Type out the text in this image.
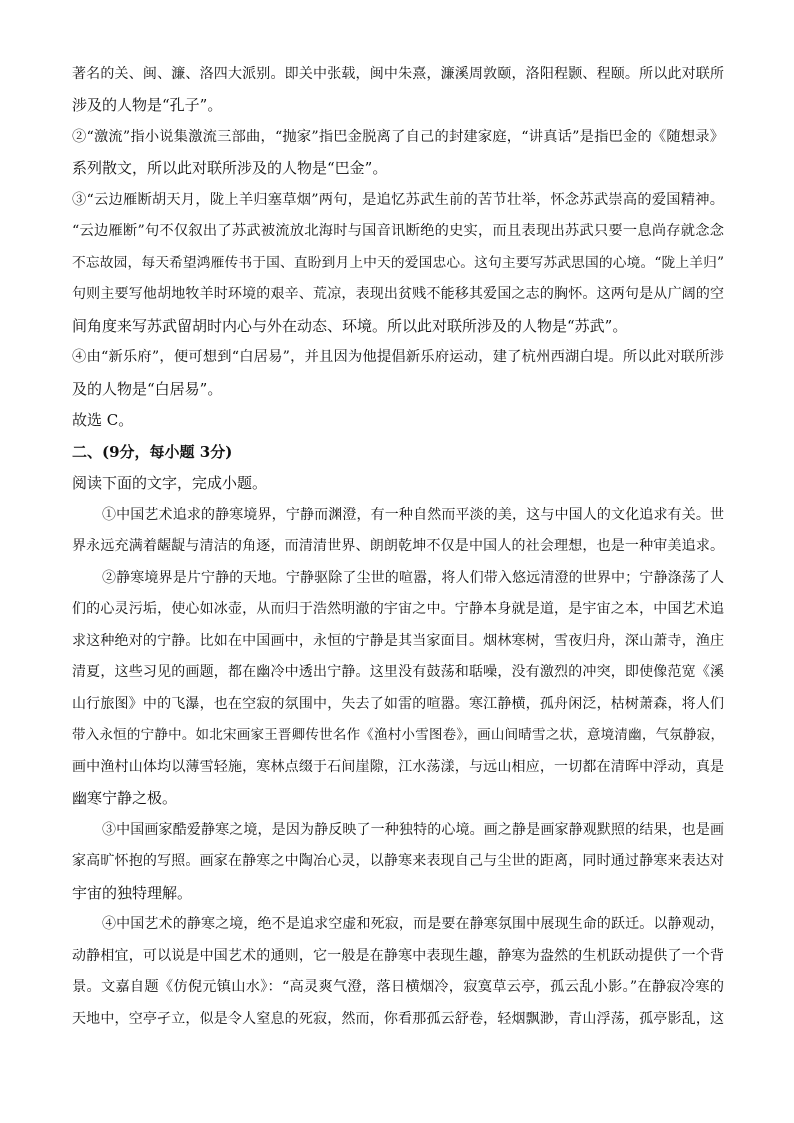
著名的关、闽、濂、洛四大派别。即关中张载，闽中朱熹，濂溪周敦颐，洛阳程颢、程颐。所以此对联所
涉及的人物是“孔子”。
②“激流”指小说集激流三部曲，“抛家”指巴金脱离了自己的封建家庭，“讲真话”是指巴金的《随想录》
系列散文，所以此对联所涉及的人物是“巴金”。
③“云边雁断胡天月，陇上羊归塞草烟”两句，是追忆苏武生前的苦节壮举，怀念苏武崇高的爱国精神。
“云边雁断”句不仅叙出了苏武被流放北海时与国音讯断绝的史实，而且表现出苏武只要一息尚存就念念
不忘故园，每天希望鸿雁传书于国、直盼到月上中天的爱国忠心。这句主要写苏武思国的心境。“陇上羊归”
句则主要写他胡地牧羊时环境的艰辛、荒凉，表现出贫贱不能移其爱国之志的胸怀。这两句是从广阔的空
间角度来写苏武留胡时内心与外在动态、环境。所以此对联所涉及的人物是“苏武”。
④由“新乐府”，便可想到“白居易”，并且因为他提倡新乐府运动，建了杭州西湖白堤。所以此对联所涉
及的人物是“白居易”。
故选 C。
二、(9分，每小题 3分)
阅读下面的文字，完成小题。
①中国艺术追求的静寒境界，宁静而渊澄，有一种自然而平淡的美，这与中国人的文化追求有关。世
界永远充满着龌龊与清洁的角逐，而清清世界、朗朗乾坤不仅是中国人的社会理想，也是一种审美追求。
②静寒境界是片宁静的天地。宁静驱除了尘世的喧嚣，将人们带入悠远清澄的世界中；宁静涤荡了人
们的心灵污垢，使心如冰壶，从而归于浩然明澈的宇宙之中。宁静本身就是道，是宇宙之本，中国艺术追
求这种绝对的宁静。比如在中国画中，永恒的宁静是其当家面目。烟林寒树，雪夜归舟，深山萧寺，渔庄
清夏，这些习见的画题，都在幽冷中透出宁静。这里没有鼓荡和聒噪，没有激烈的冲突，即使像范宽《溪
山行旅图》中的飞瀑，也在空寂的氛围中，失去了如雷的喧嚣。寒江静横，孤舟闲泛，枯树萧森，将人们
带入永恒的宁静中。如北宋画家王晋卿传世名作《渔村小雪图卷》，画山间晴雪之状，意境清幽，气氛静寂，
画中渔村山体均以薄雪轻施，寒林点缀于石间崖隙，江水荡漾，与远山相应，一切都在清晖中浮动，真是
幽寒宁静之极。
③中国画家酷爱静寒之境，是因为静反映了一种独特的心境。画之静是画家静观默照的结果，也是画
家高旷怀抱的写照。画家在静寒之中陶冶心灵，以静寒来表现自己与尘世的距离，同时通过静寒来表达对
宇宙的独特理解。
④中国艺术的静寒之境，绝不是追求空虚和死寂，而是要在静寒氛围中展现生命的跃迁。以静观动，
动静相宜，可以说是中国艺术的通则，它一般是在静寒中表现生趣，静寒为盎然的生机跃动提供了一个背
景。文嘉自题《仿倪元镇山水》：“高灵爽气澄，落日横烟冷，寂寞草云亭，孤云乱小影。”在静寂冷寒的
天地中，空亭孑立，似是令人窒息的死寂，然而，你看那孤云舒卷，轻烟飘渺，青山浮荡，孤亭影乱，这
